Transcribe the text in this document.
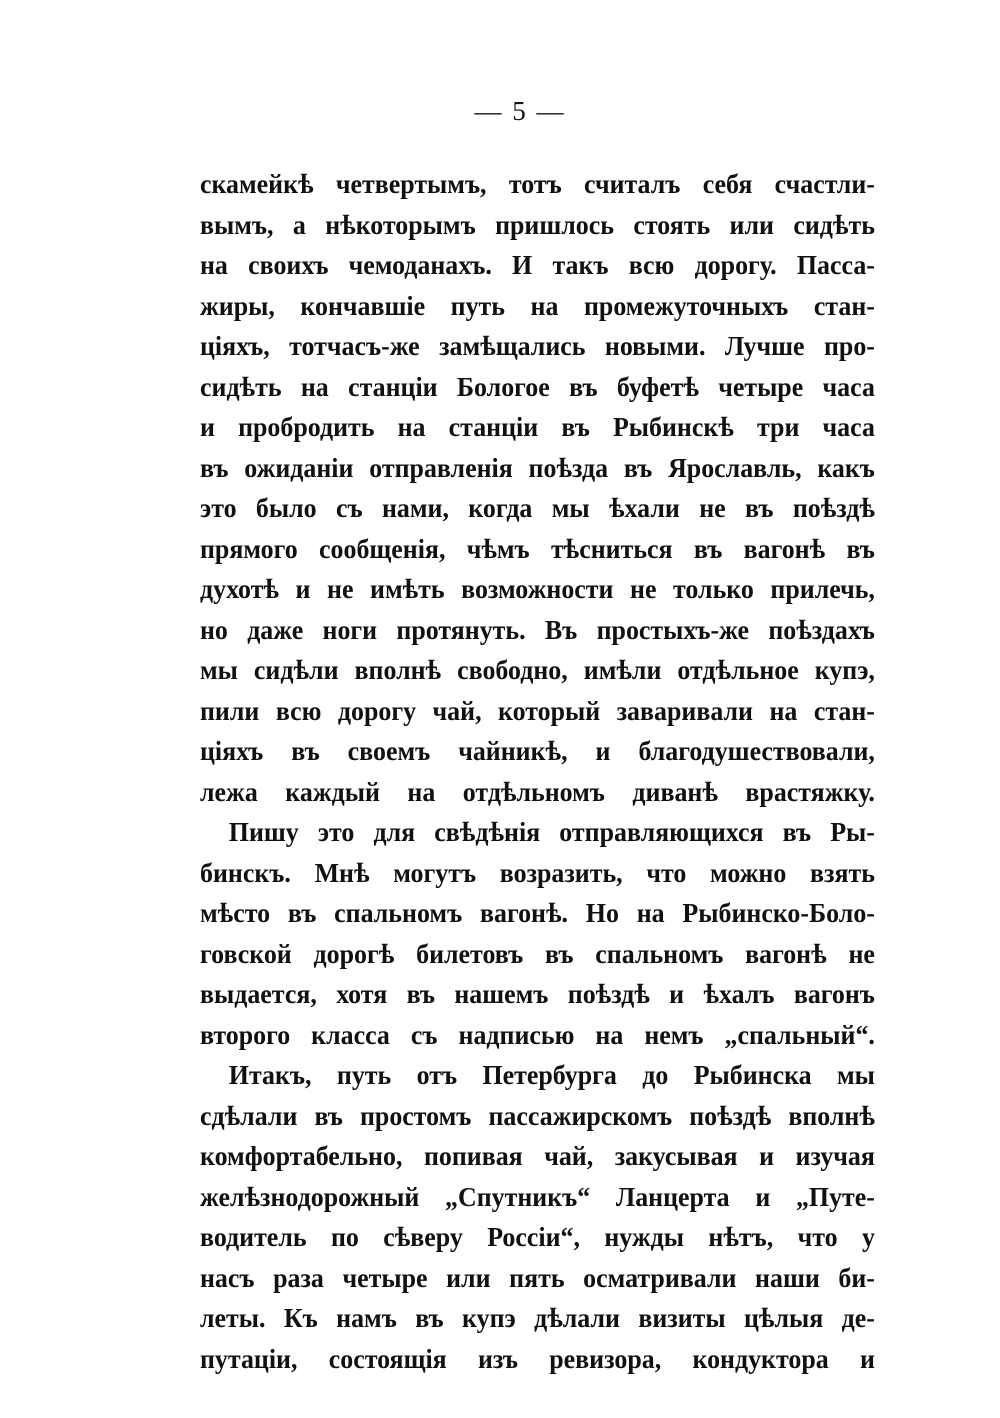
— 5 —
скамейкѣ четвертымъ, тотъ считалъ себя счастли-
вымъ, а нѣкоторымъ пришлось стоять или сидѣть
на своихъ чемоданахъ. И такъ всю дорогу. Пасса-
жиры, кончавшіе путь на промежуточныхъ стан-
ціяхъ, тотчасъ-же замѣщались новыми. Лучше про-
сидѣть на станціи Бологое въ буфетѣ четыре часа
и пробродить на станціи въ Рыбинскѣ три часа
въ ожиданіи отправленія поѣзда въ Ярославль, какъ
это было съ нами, когда мы ѣхали не въ поѣздѣ
прямого сообщенія, чѣмъ тѣсниться въ вагонѣ въ
духотѣ и не имѣть возможности не только прилечь,
но даже ноги протянуть. Въ простыхъ-же поѣздахъ
мы сидѣли вполнѣ свободно, имѣли отдѣльное купэ,
пили всю дорогу чай, который заваривали на стан-
ціяхъ въ своемъ чайникѣ, и благодушествовали,
лежа каждый на отдѣльномъ диванѣ врастяжку.
Пишу это для свѣдѣнія отправляющихся въ Ры-
бинскъ. Мнѣ могутъ возразить, что можно взять
мѣсто въ спальномъ вагонѣ. Но на Рыбинско-Боло-
говской дорогѣ билетовъ въ спальномъ вагонѣ не
выдается, хотя въ нашемъ поѣздѣ и ѣхалъ вагонъ
второго класса съ надписью на немъ „спальный“.
Итакъ, путь отъ Петербурга до Рыбинска мы
сдѣлали въ простомъ пассажирскомъ поѣздѣ вполнѣ
комфортабельно, попивая чай, закусывая и изучая
желѣзнодорожный „Спутникъ“ Ланцерта и „Путе-
водитель по сѣверу Россіи“, нужды нѣтъ, что у
насъ раза четыре или пять осматривали наши би-
леты. Къ намъ въ купэ дѣлали визиты цѣлыя де-
путаціи, состоящія изъ ревизора, кондуктора и
